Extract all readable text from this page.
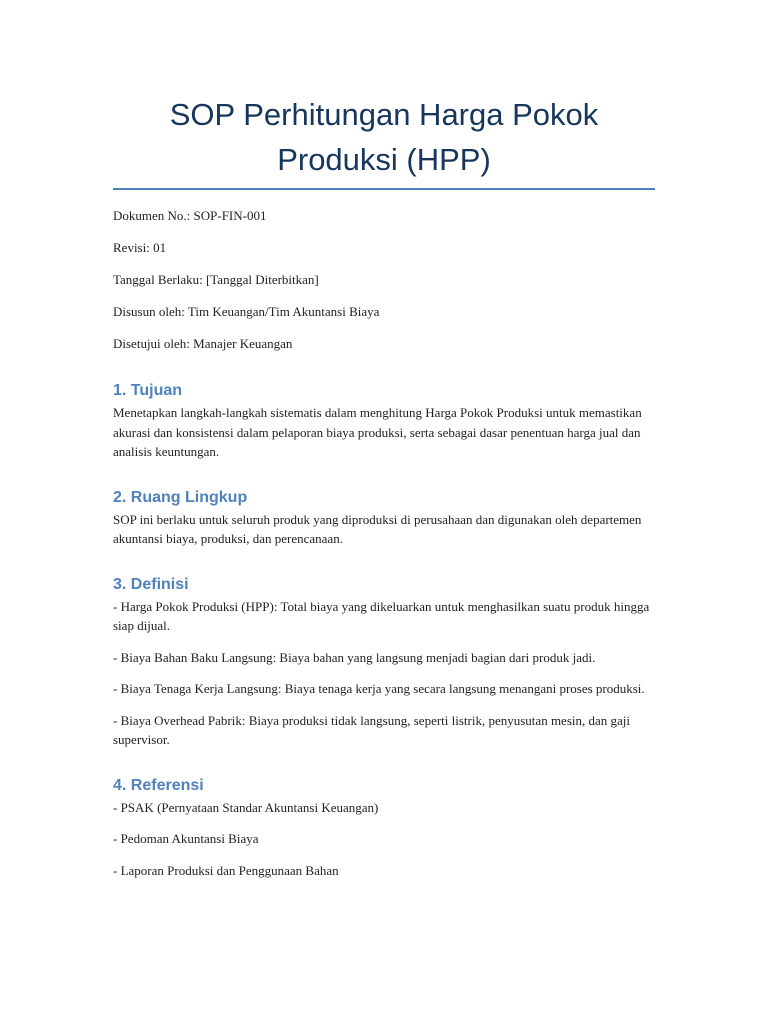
SOP Perhitungan Harga Pokok Produksi (HPP)

Dokumen No.: SOP-FIN-001

Revisi: 01

Tanggal Berlaku: [Tanggal Diterbitkan]

Disusun oleh: Tim Keuangan/Tim Akuntansi Biaya

Disetujui oleh: Manajer Keuangan

1. Tujuan

Menetapkan langkah-langkah sistematis dalam menghitung Harga Pokok Produksi untuk memastikan akurasi dan konsistensi dalam pelaporan biaya produksi, serta sebagai dasar penentuan harga jual dan analisis keuntungan.

2. Ruang Lingkup

SOP ini berlaku untuk seluruh produk yang diproduksi di perusahaan dan digunakan oleh departemen akuntansi biaya, produksi, dan perencanaan.

3. Definisi

- Harga Pokok Produksi (HPP): Total biaya yang dikeluarkan untuk menghasilkan suatu produk hingga siap dijual.

- Biaya Bahan Baku Langsung: Biaya bahan yang langsung menjadi bagian dari produk jadi.

- Biaya Tenaga Kerja Langsung: Biaya tenaga kerja yang secara langsung menangani proses produksi.

- Biaya Overhead Pabrik: Biaya produksi tidak langsung, seperti listrik, penyusutan mesin, dan gaji supervisor.

4. Referensi

- PSAK (Pernyataan Standar Akuntansi Keuangan)

- Pedoman Akuntansi Biaya

- Laporan Produksi dan Penggunaan Bahan
